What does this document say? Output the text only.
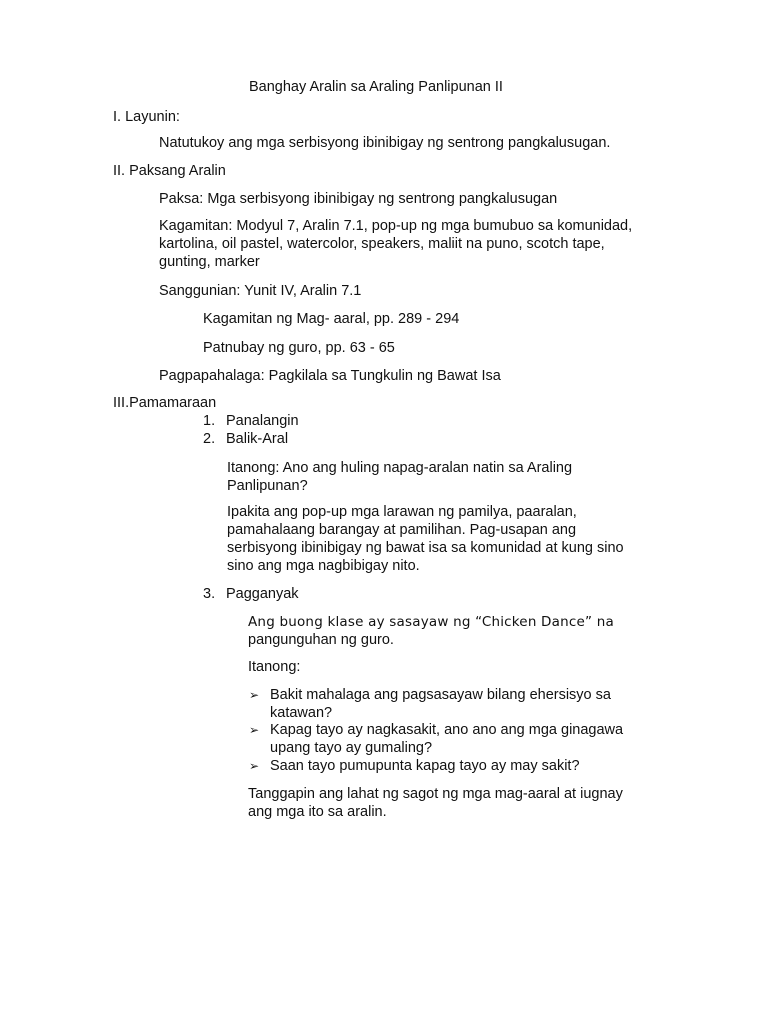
Banghay Aralin sa Araling Panlipunan II
I. Layunin:
Natutukoy ang mga serbisyong ibinibigay ng sentrong pangkalusugan.
II. Paksang Aralin
Paksa: Mga serbisyong ibinibigay ng sentrong pangkalusugan
Kagamitan: Modyul 7, Aralin 7.1, pop-up ng mga bumubuo sa komunidad,
kartolina, oil pastel, watercolor, speakers, maliit na puno, scotch tape,
gunting, marker
Sanggunian: Yunit IV, Aralin 7.1
Kagamitan ng Mag- aaral, pp. 289 - 294
Patnubay ng guro, pp. 63 - 65
Pagpapahalaga: Pagkilala sa Tungkulin ng Bawat Isa
III.Pamamaraan
1. Panalangin
2. Balik-Aral
Itanong: Ano ang huling napag-aralan natin sa Araling
Panlipunan?
Ipakita ang pop-up mga larawan ng pamilya, paaralan,
pamahalaang barangay at pamilihan. Pag-usapan ang
serbisyong ibinibigay ng bawat isa sa komunidad at kung sino
sino ang mga nagbibigay nito.
3. Pagganyak
Ang buong klase ay sasayaw ng “Chicken Dance” na
pangunguhan ng guro.
Itanong:
➢ Bakit mahalaga ang pagsasayaw bilang ehersisyo sa
katawan?
➢ Kapag tayo ay nagkasakit, ano ano ang mga ginagawa
upang tayo ay gumaling?
➢ Saan tayo pumupunta kapag tayo ay may sakit?
Tanggapin ang lahat ng sagot ng mga mag-aaral at iugnay
ang mga ito sa aralin.
